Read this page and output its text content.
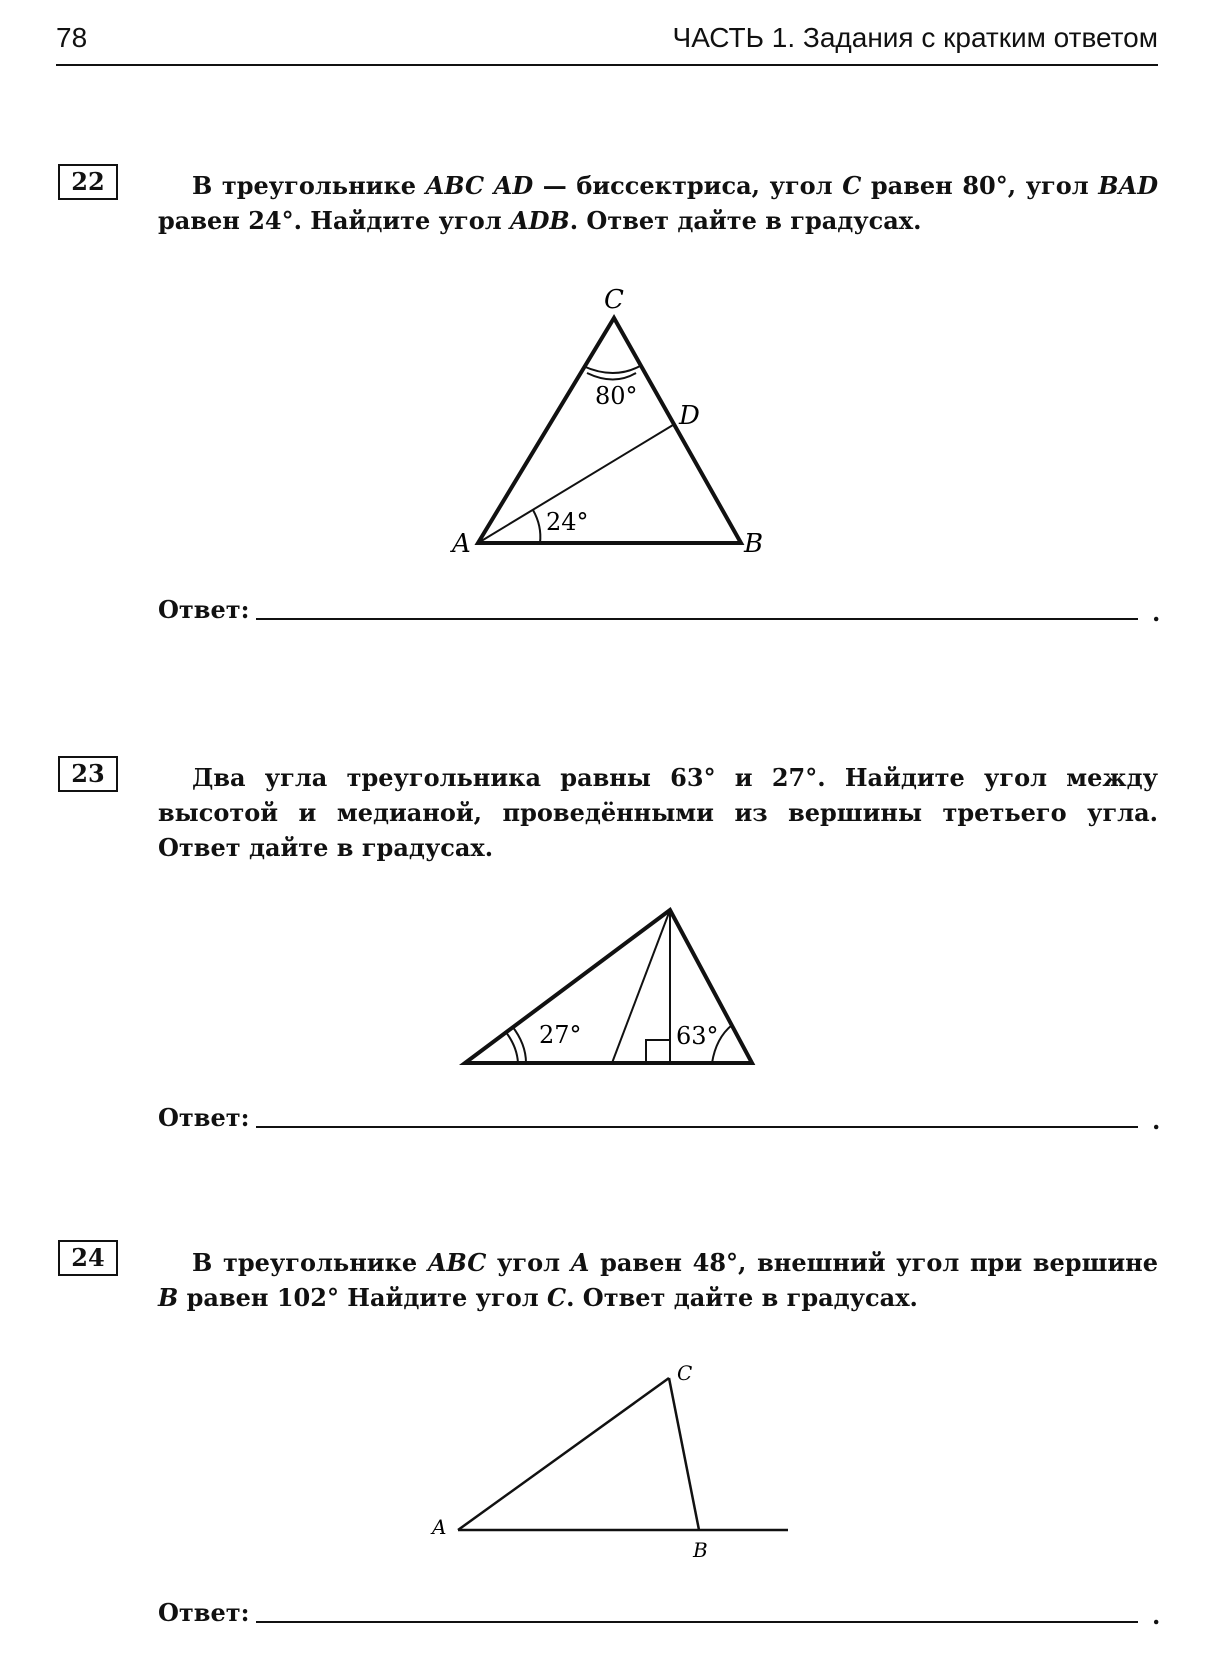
78	ЧАСТЬ 1. Задания с кратким ответом
22	В треугольнике ABC AD — биссектриса, угол C равен 80°, угол BAD равен 24°. Найдите угол ADB. Ответ дайте в градусах.
C
D
A	B
80°
24°
Ответ:	.
23	Два угла треугольника равны 63° и 27°. Найдите угол между высотой и медианой, проведёнными из вершины третьего угла. Ответ дайте в градусах.
27°	63°
Ответ:	.
24	В треугольнике ABC угол A равен 48°, внешний угол при вершине B равен 102° Найдите угол C. Ответ дайте в градусах.
A
B
C
Ответ:	.
